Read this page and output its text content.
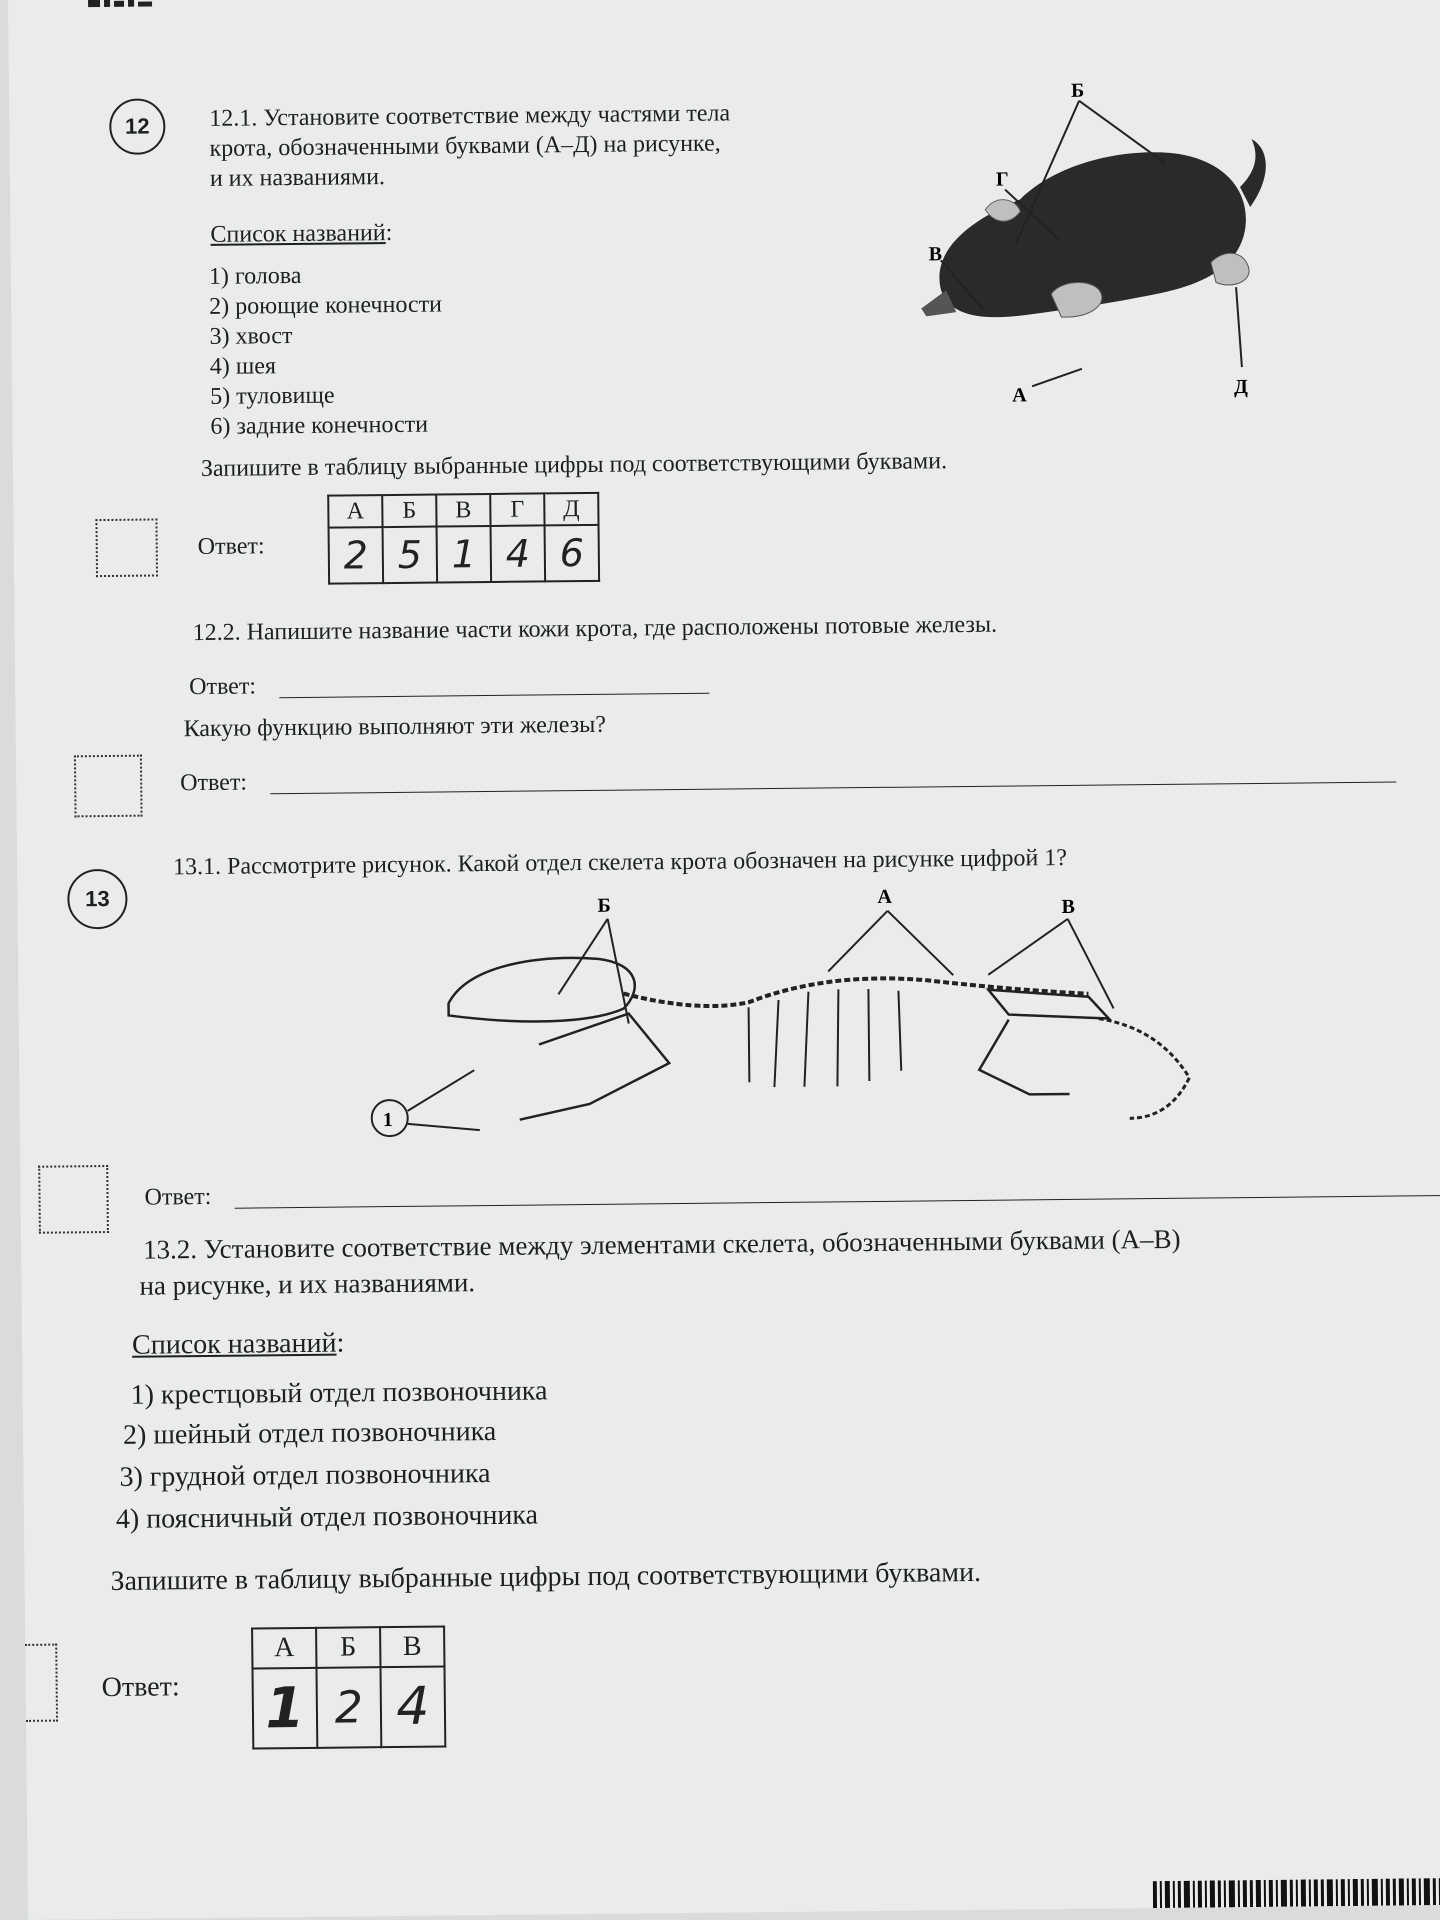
12 12.1. Установите соответствие между частями тела
крота, обозначенными буквами (А–Д) на рисунке,
и их названиями.
Список названий:
1) голова
2) роющие конечности
3) хвост
4) шея
5) туловище
6) задние конечности
Б
Г
В
А	Д
Запишите в таблицу выбранные цифры под соответствующими буквами.
Ответ:
А	Б	В	Г	Д
2	5	1	4	6
12.2. Напишите название части кожи крота, где расположены потовые железы.
Ответ:
Какую функцию выполняют эти железы?
Ответ:
13
13.1. Рассмотрите рисунок. Какой отдел скелета крота обозначен на рисунке цифрой 1?
Б	А	В
1
Ответ:
13.2. Установите соответствие между элементами скелета, обозначенными буквами (А–В)
на рисунке, и их названиями.
Список названий:
1) крестцовый отдел позвоночника
2) шейный отдел позвоночника
3) грудной отдел позвоночника
4) поясничный отдел позвоночника
Запишите в таблицу выбранные цифры под соответствующими буквами.
Ответ:
А	Б	В
1	2	4
